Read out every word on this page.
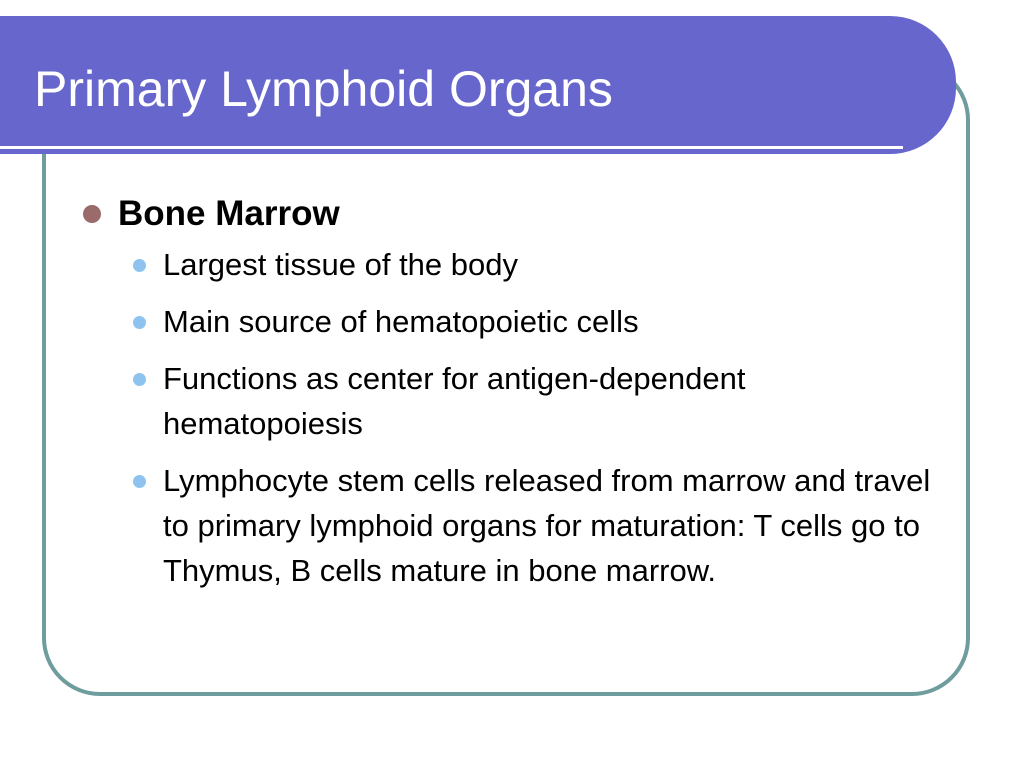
Primary Lymphoid Organs
Bone Marrow
Largest tissue of the body
Main source of hematopoietic cells
Functions as center for antigen-dependent hematopoiesis
Lymphocyte stem cells released from marrow and travel to primary lymphoid organs for maturation: T cells go to Thymus, B cells mature in bone marrow.
